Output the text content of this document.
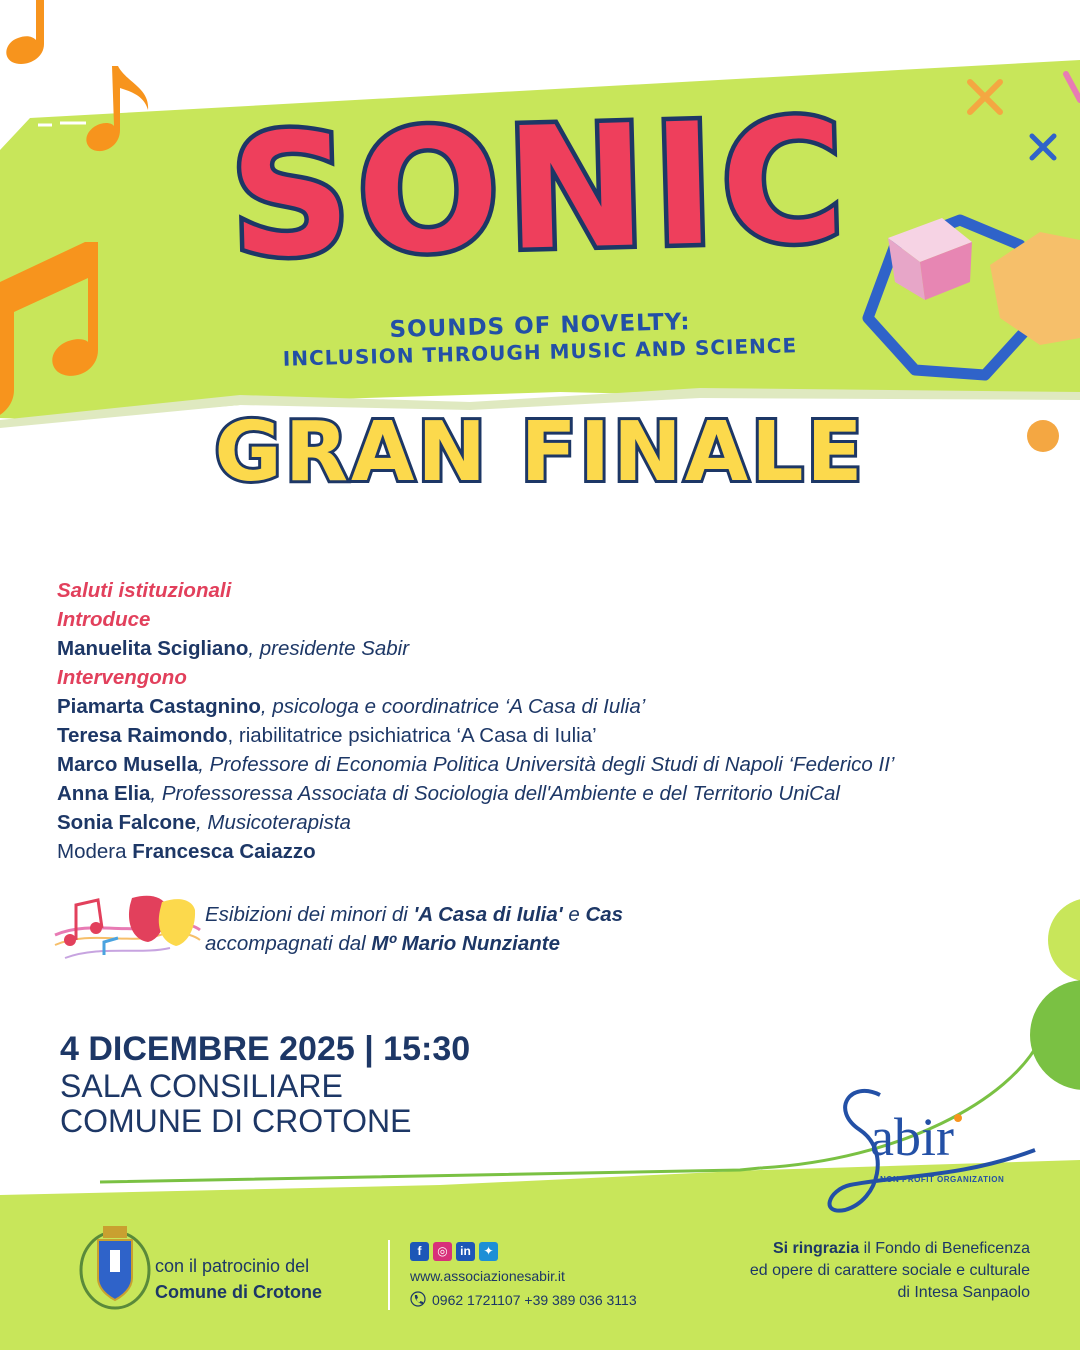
SONIC
SOUNDS OF NOVELTY:
INCLUSION THROUGH MUSIC AND SCIENCE
GRAN FINALE
Saluti istituzionali
Introduce
Manuelita Scigliano, presidente Sabir
Intervengono
Piamarta Castagnino, psicologa e coordinatrice ‘A Casa di Iulia’
Teresa Raimondo, riabilitatrice psichiatrica ‘A Casa di Iulia’
Marco Musella, Professore di Economia Politica Università degli Studi di Napoli ‘Federico II’
Anna Elia, Professoressa Associata di Sociologia dell'Ambiente e del Territorio UniCal
Sonia Falcone, Musicoterapista
Modera Francesca Caiazzo
Esibizioni dei minori di 'A Casa di Iulia' e Cas
accompagnati dal Mº Mario Nunziante
4 DICEMBRE 2025 | 15:30
SALA CONSILIARE
COMUNE DI CROTONE	abir
NON PROFIT ORGANIZATION
con il patrocinio del
Comune di Crotone
f ◎ in ✦
www.associazionesabir.it
0962 1721107 +39 389 036 3113
Si ringrazia il Fondo di Beneficenza
ed opere di carattere sociale e culturale
di Intesa Sanpaolo
